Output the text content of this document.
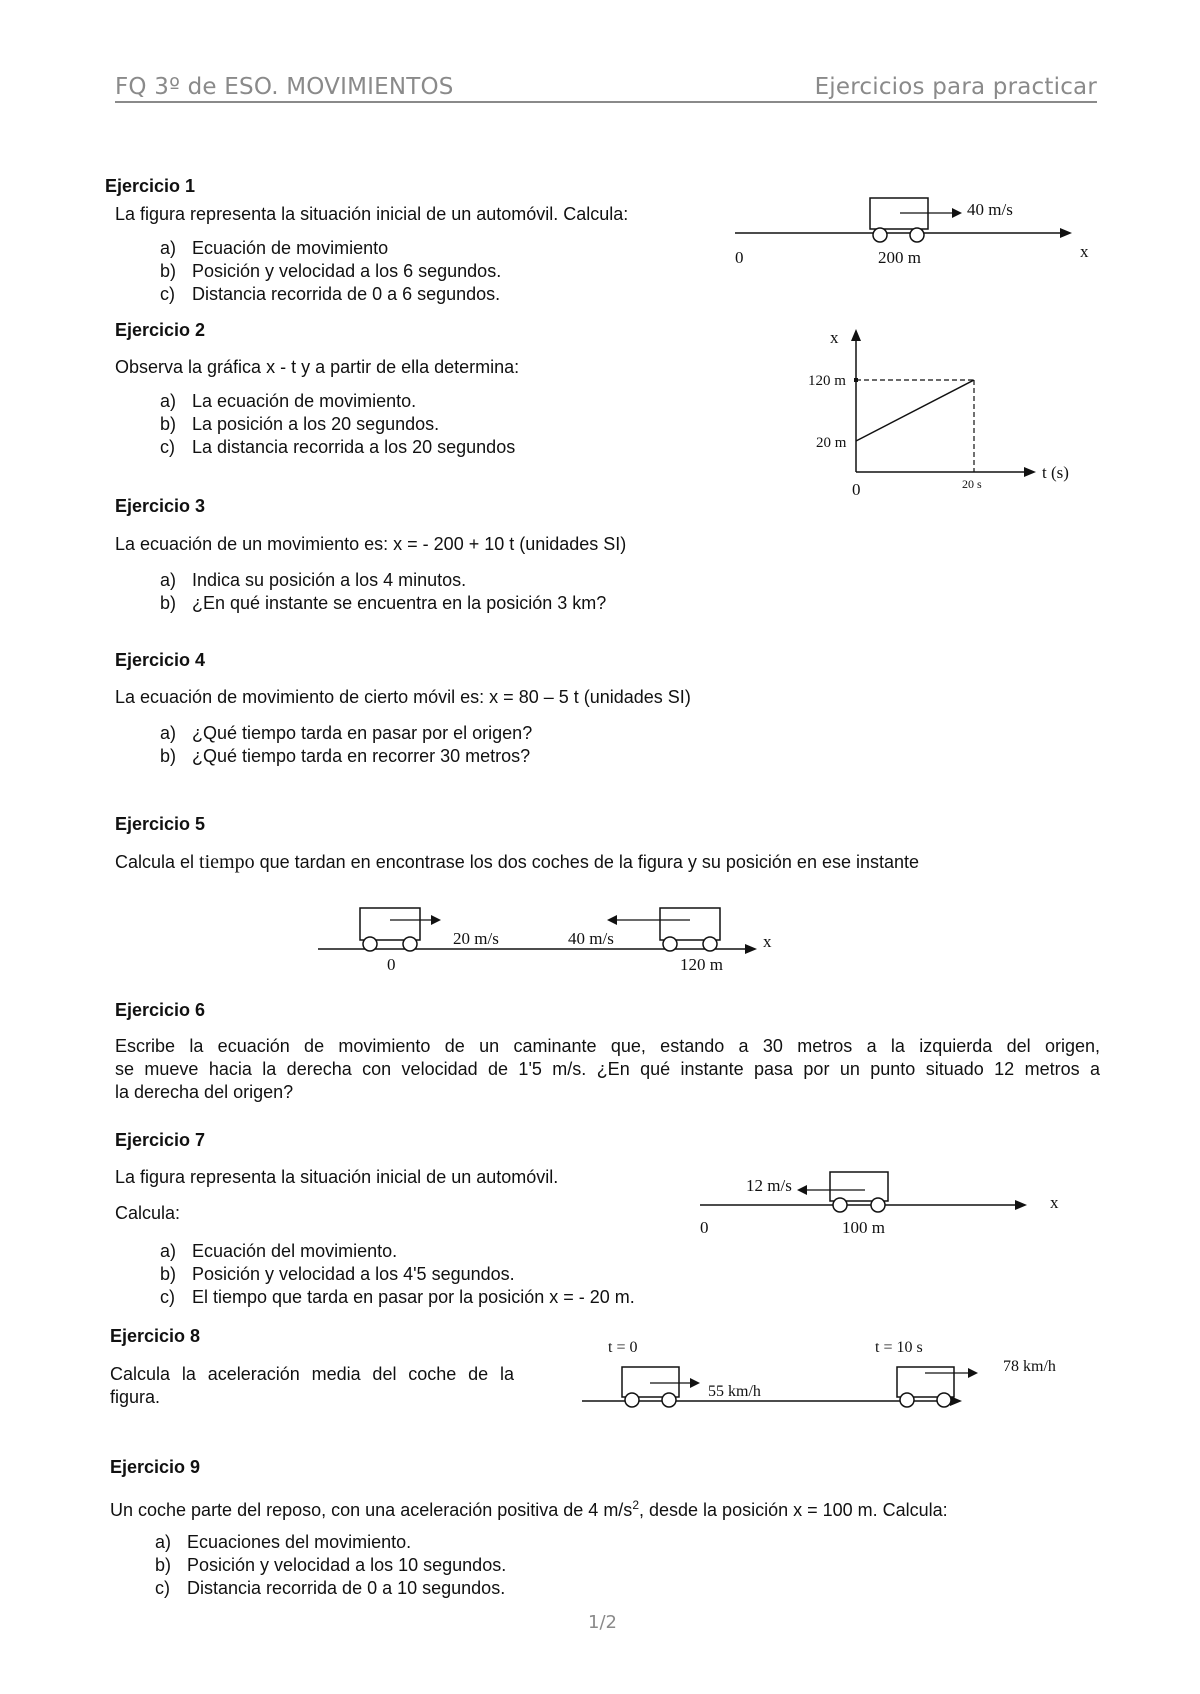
FQ 3º de ESO. MOVIMIENTOS	Ejercicios para practicar
Ejercicio 1
La figura representa la situación inicial de un automóvil. Calcula:
a) Ecuación de movimiento
b) Posición y velocidad a los 6 segundos.
c) Distancia recorrida de 0 a 6 segundos.
40 m/s
0	200 m	x
Ejercicio 2
Observa la gráfica x - t y a partir de ella determina:
a) La ecuación de movimiento.
b) La posición a los 20 segundos.
c) La distancia recorrida a los 20 segundos
x
120 m
20 m
0	20 s
t (s)
Ejercicio 3
La ecuación de un movimiento es: x = - 200 + 10 t (unidades SI)
a) Indica su posición a los 4 minutos.
b) ¿En qué instante se encuentra en la posición 3 km?
Ejercicio 4
La ecuación de movimiento de cierto móvil es: x = 80 – 5 t (unidades SI)
a) ¿Qué tiempo tarda en pasar por el origen?
b) ¿Qué tiempo tarda en recorrer 30 metros?
Ejercicio 5
Calcula el tiempo que tardan en encontrase los dos coches de la figura y su posición en ese instante
20 m/s	40 m/s
0	120 m
x
Ejercicio 6
Escribe la ecuación de movimiento de un caminante que, estando a 30 metros a la izquierda del origen,
se mueve hacia la derecha con velocidad de 1'5 m/s. ¿En qué instante pasa por un punto situado 12 metros a
la derecha del origen?
Ejercicio 7
La figura representa la situación inicial de un automóvil.
Calcula:
a) Ecuación del movimiento.
b) Posición y velocidad a los 4'5 segundos.
c) El tiempo que tarda en pasar por la posición x = - 20 m.
12 m/s
0	100 m
x
Ejercicio 8
Calcula la aceleración media del coche de la
figura.
t = 0
55 km/h
t = 10 s
78 km/h
Ejercicio 9
Un coche parte del reposo, con una aceleración positiva de 4 $m/s^2$, desde la posición x = 100 m. Calcula:
a) Ecuaciones del movimiento.
b) Posición y velocidad a los 10 segundos.
c) Distancia recorrida de 0 a 10 segundos.
1/2
